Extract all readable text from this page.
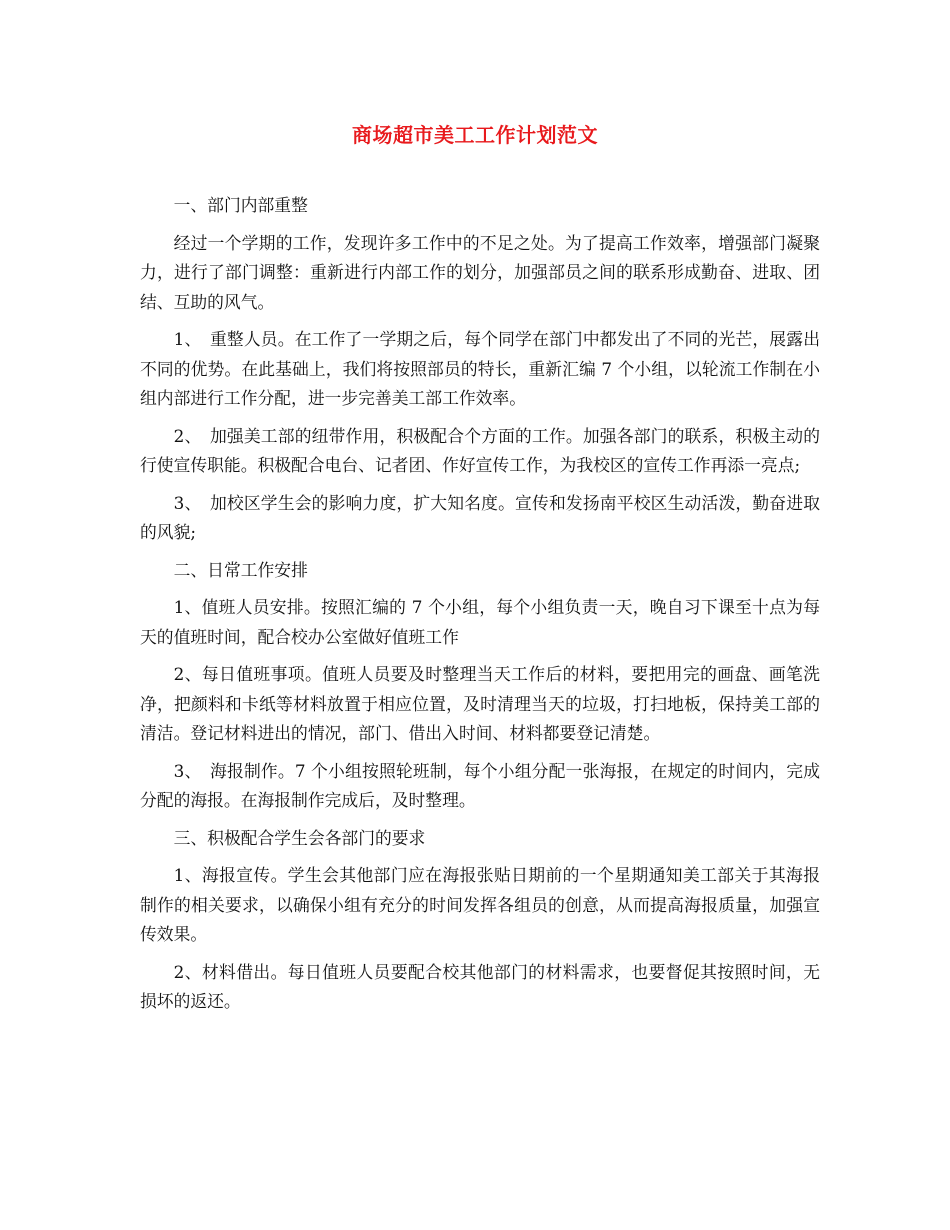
商场超市美工工作计划范文

一、部门内部重整

经过一个学期的工作，发现许多工作中的不足之处。为了提高工作效率，增强部门凝聚力，进行了部门调整：重新进行内部工作的划分，加强部员之间的联系形成勤奋、进取、团结、互助的风气。

1、　重整人员。在工作了一学期之后，每个同学在部门中都发出了不同的光芒，展露出不同的优势。在此基础上，我们将按照部员的特长，重新汇编 7 个小组，以轮流工作制在小组内部进行工作分配，进一步完善美工部工作效率。

2、　加强美工部的纽带作用，积极配合个方面的工作。加强各部门的联系，积极主动的行使宣传职能。积极配合电台、记者团、作好宣传工作，为我校区的宣传工作再添一亮点;

3、　加校区学生会的影响力度，扩大知名度。宣传和发扬南平校区生动活泼，勤奋进取的风貌;

二、日常工作安排

1、值班人员安排。按照汇编的 7 个小组，每个小组负责一天，晚自习下课至十点为每天的值班时间，配合校办公室做好值班工作

2、每日值班事项。值班人员要及时整理当天工作后的材料，要把用完的画盘、画笔洗净，把颜料和卡纸等材料放置于相应位置，及时清理当天的垃圾，打扫地板，保持美工部的清洁。登记材料进出的情况，部门、借出入时间、材料都要登记清楚。

3、　海报制作。7 个小组按照轮班制，每个小组分配一张海报，在规定的时间内，完成分配的海报。在海报制作完成后，及时整理。

三、积极配合学生会各部门的要求

1、海报宣传。学生会其他部门应在海报张贴日期前的一个星期通知美工部关于其海报制作的相关要求，以确保小组有充分的时间发挥各组员的创意，从而提高海报质量，加强宣传效果。

2、材料借出。每日值班人员要配合校其他部门的材料需求，也要督促其按照时间，无损坏的返还。
